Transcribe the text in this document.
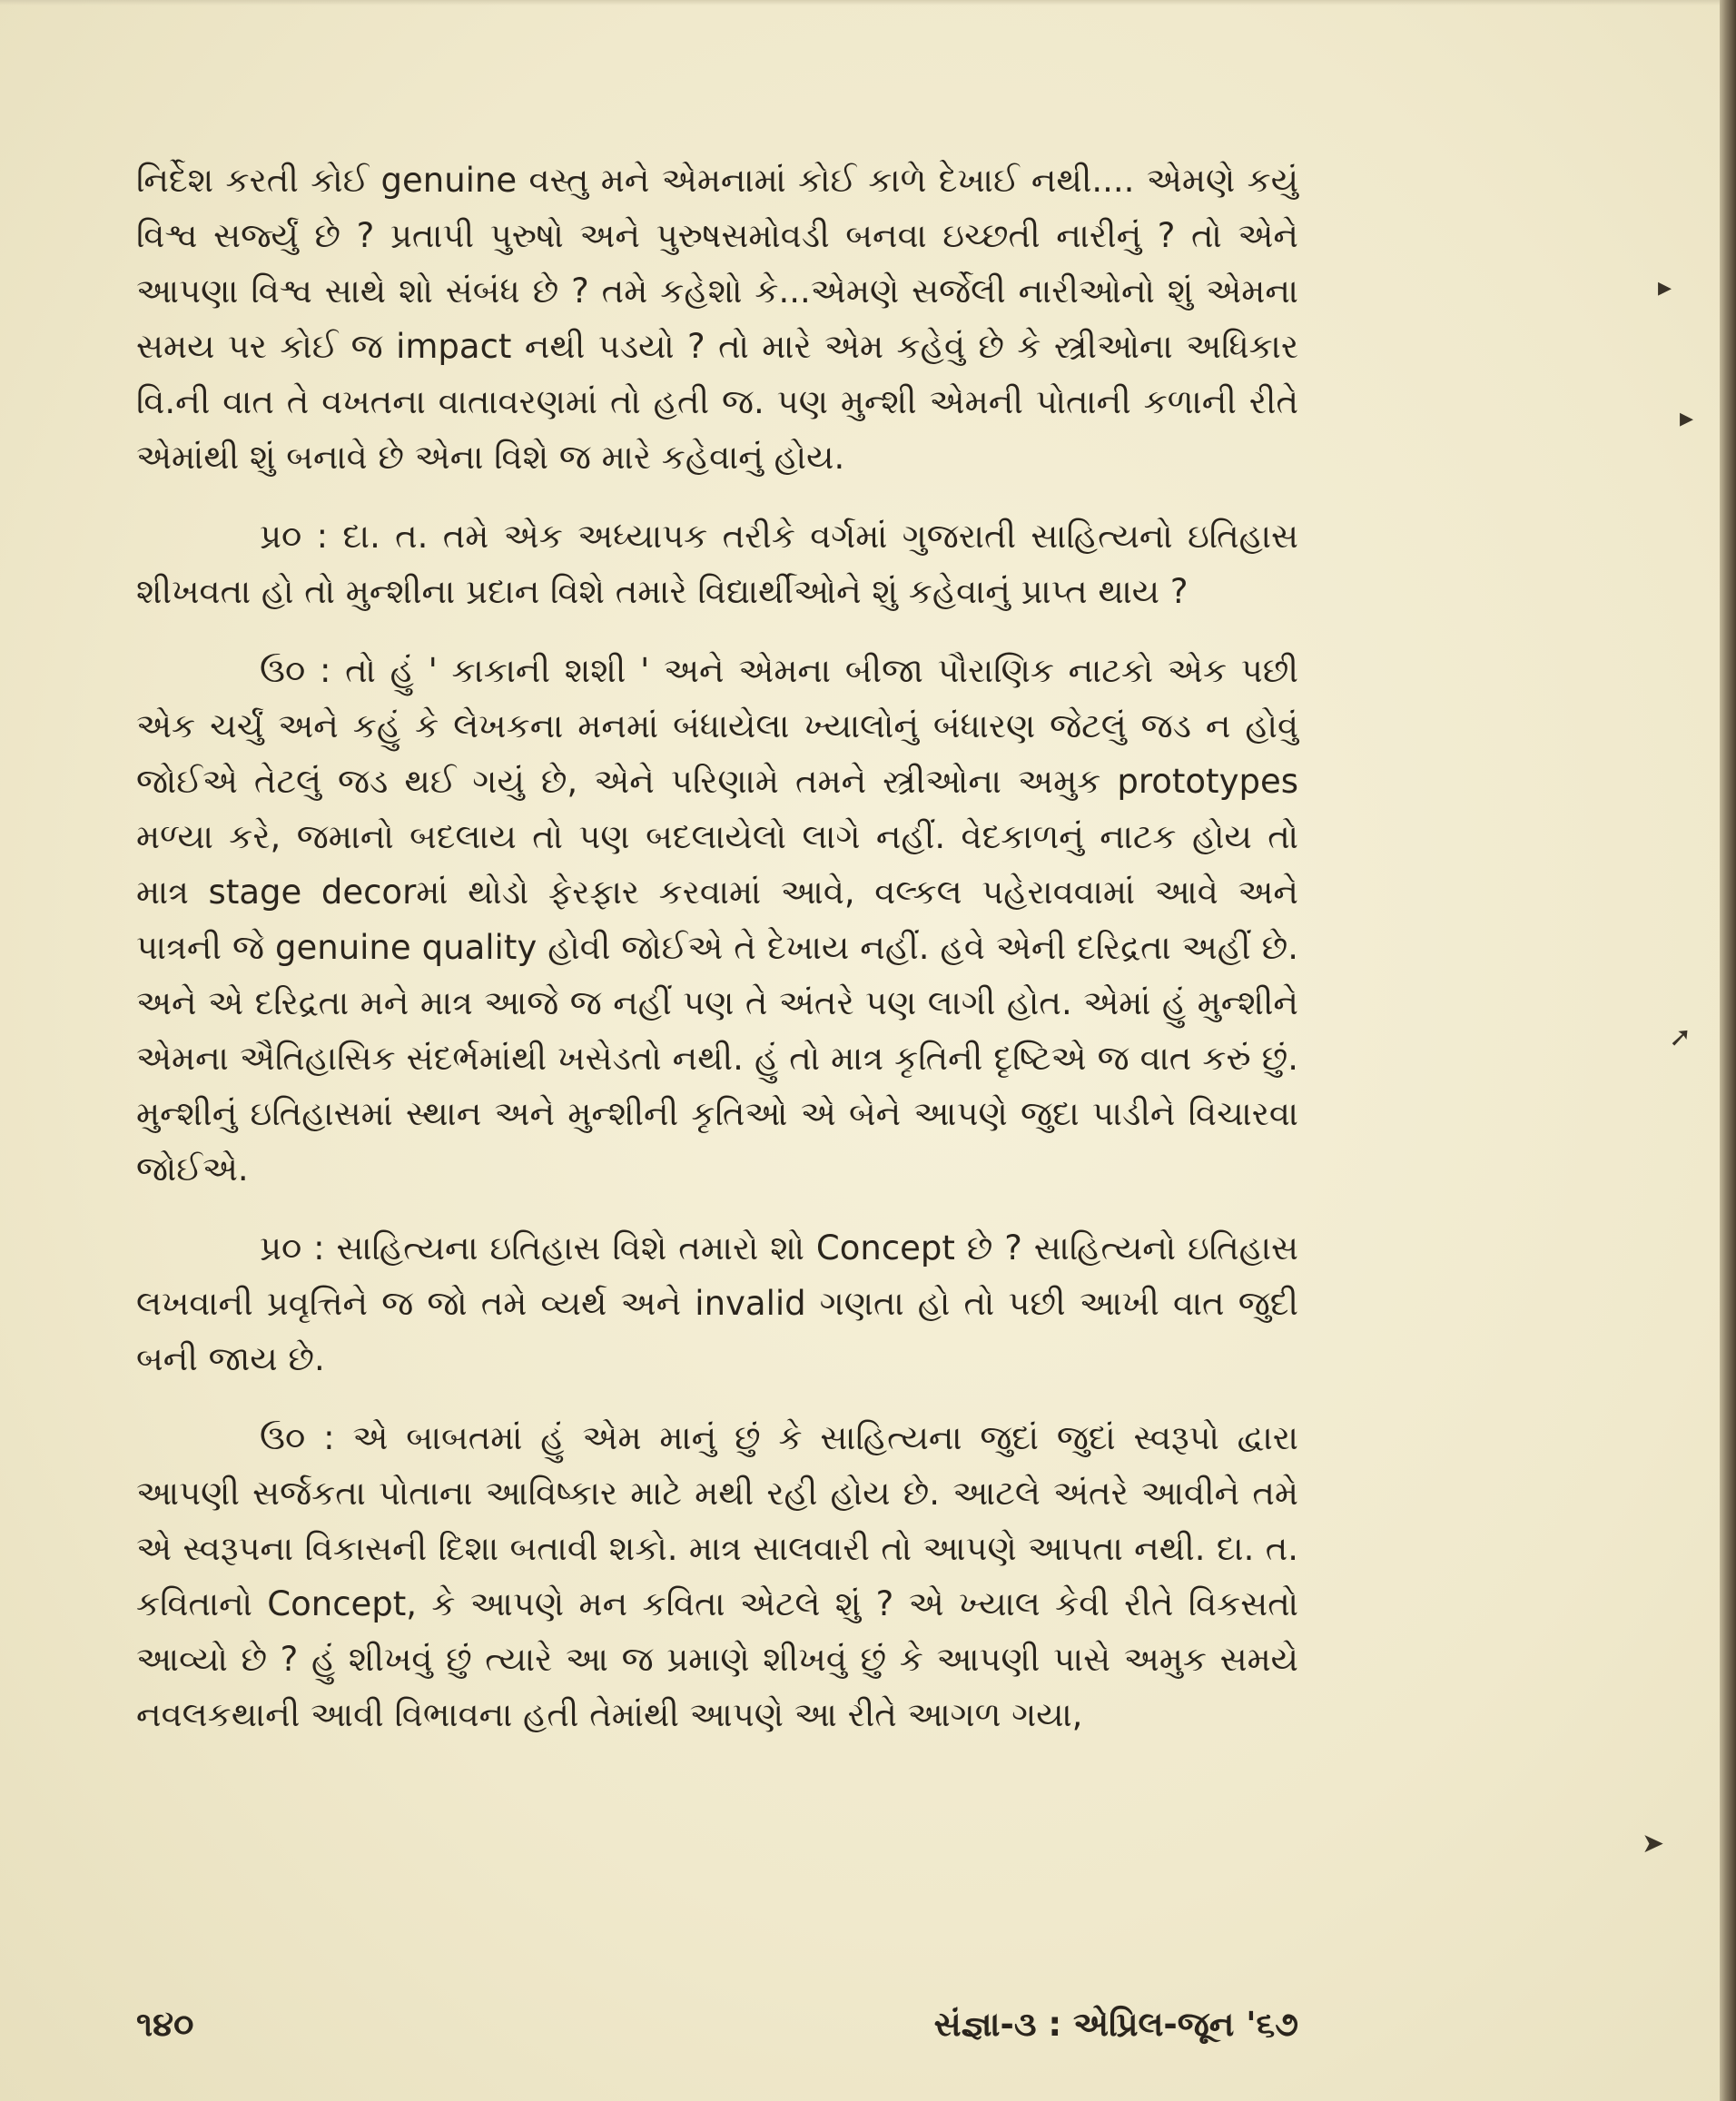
નિર્દેશ કરતી કોઈ genuine વસ્તુ મને એમનામાં કોઈ કાળે દેખાઈ નથી.... એમણે કયું વિશ્વ સર્જ્યું છે ? પ્રતાપી પુરુષો અને પુરુષસમોવડી બનવા ઇચ્છતી નારીનું ? તો એને આપણા વિશ્વ સાથે શો સંબંધ છે ? તમે કહેશો કે...એમણે સર્જેલી નારીઓનો શું એમના સમય પર કોઈ જ impact નથી પડયો ? તો મારે એમ કહેવું છે કે સ્ત્રીઓના અધિકાર વિ.ની વાત તે વખતના વાતાવરણમાં તો હતી જ. પણ મુન્શી એમની પોતાની કળાની રીતે એમાંથી શું બનાવે છે એના વિશે જ મારે કહેવાનું હોય.

પ્ર૦ : દા. ત. તમે એક અધ્યાપક તરીકે વર્ગમાં ગુજરાતી સાહિત્યનો ઇતિહાસ શીખવતા હો તો મુન્શીના પ્રદાન વિશે તમારે વિદ્યાર્થીઓને શું કહેવાનું પ્રાપ્ત થાય ?

ઉ૦ : તો હું ' કાકાની શશી ' અને એમના બીજા પૌરાણિક નાટકો એક પછી એક ચર્ચું અને કહું કે લેખકના મનમાં બંધાયેલા ખ્યાલોનું બંધારણ જેટલું જડ ન હોવું જોઈએ તેટલું જડ થઈ ગયું છે, એને પરિણામે તમને સ્ત્રીઓના અમુક prototypes મળ્યા કરે, જમાનો બદલાય તો પણ બદલાયેલો લાગે નહીં. વેદકાળનું નાટક હોય તો માત્ર stage decorમાં થોડો ફેરફાર કરવામાં આવે, વલ્કલ પહેરાવવામાં આવે અને પાત્રની જે genuine quality હોવી જોઈએ તે દેખાય નહીં. હવે એની દરિદ્રતા અહીં છે. અને એ દરિદ્રતા મને માત્ર આજે જ નહીં પણ તે અંતરે પણ લાગી હોત. એમાં હું મુન્શીને એમના ઐતિહાસિક સંદર્ભમાંથી ખસેડતો નથી. હું તો માત્ર કૃતિની દૃષ્ટિએ જ વાત કરું છું. મુન્શીનું ઇતિહાસમાં સ્થાન અને મુન્શીની કૃતિઓ એ બેને આપણે જુદા પાડીને વિચારવા જોઈએ.

પ્ર૦ : સાહિત્યના ઇતિહાસ વિશે તમારો શો Concept છે ? સાહિત્યનો ઇતિહાસ લખવાની પ્રવૃત્તિને જ જો તમે વ્યર્થ અને invalid ગણતા હો તો પછી આખી વાત જુદી બની જાય છે.

ઉ૦ : એ બાબતમાં હું એમ માનું છું કે સાહિત્યના જુદાં જુદાં સ્વરૂપો દ્વારા આપણી સર્જકતા પોતાના આવિષ્કાર માટે મથી રહી હોય છે. આટલે અંતરે આવીને તમે એ સ્વરૂપના વિકાસની દિશા બતાવી શકો. માત્ર સાલવારી તો આપણે આપતા નથી. દા. ત. કવિતાનો Concept, કે આપણે મન કવિતા એટલે શું ? એ ખ્યાલ કેવી રીતે વિકસતો આવ્યો છે ? હું શીખવું છું ત્યારે આ જ પ્રમાણે શીખવું છું કે આપણી પાસે અમુક સમયે નવલકથાની આવી વિભાવના હતી તેમાંથી આપણે આ રીતે આગળ ગયા,

૧૪૦	સંજ્ઞા-૩ : એપ્રિલ-જૂન '૬૭
▸
▸
➚
➤
